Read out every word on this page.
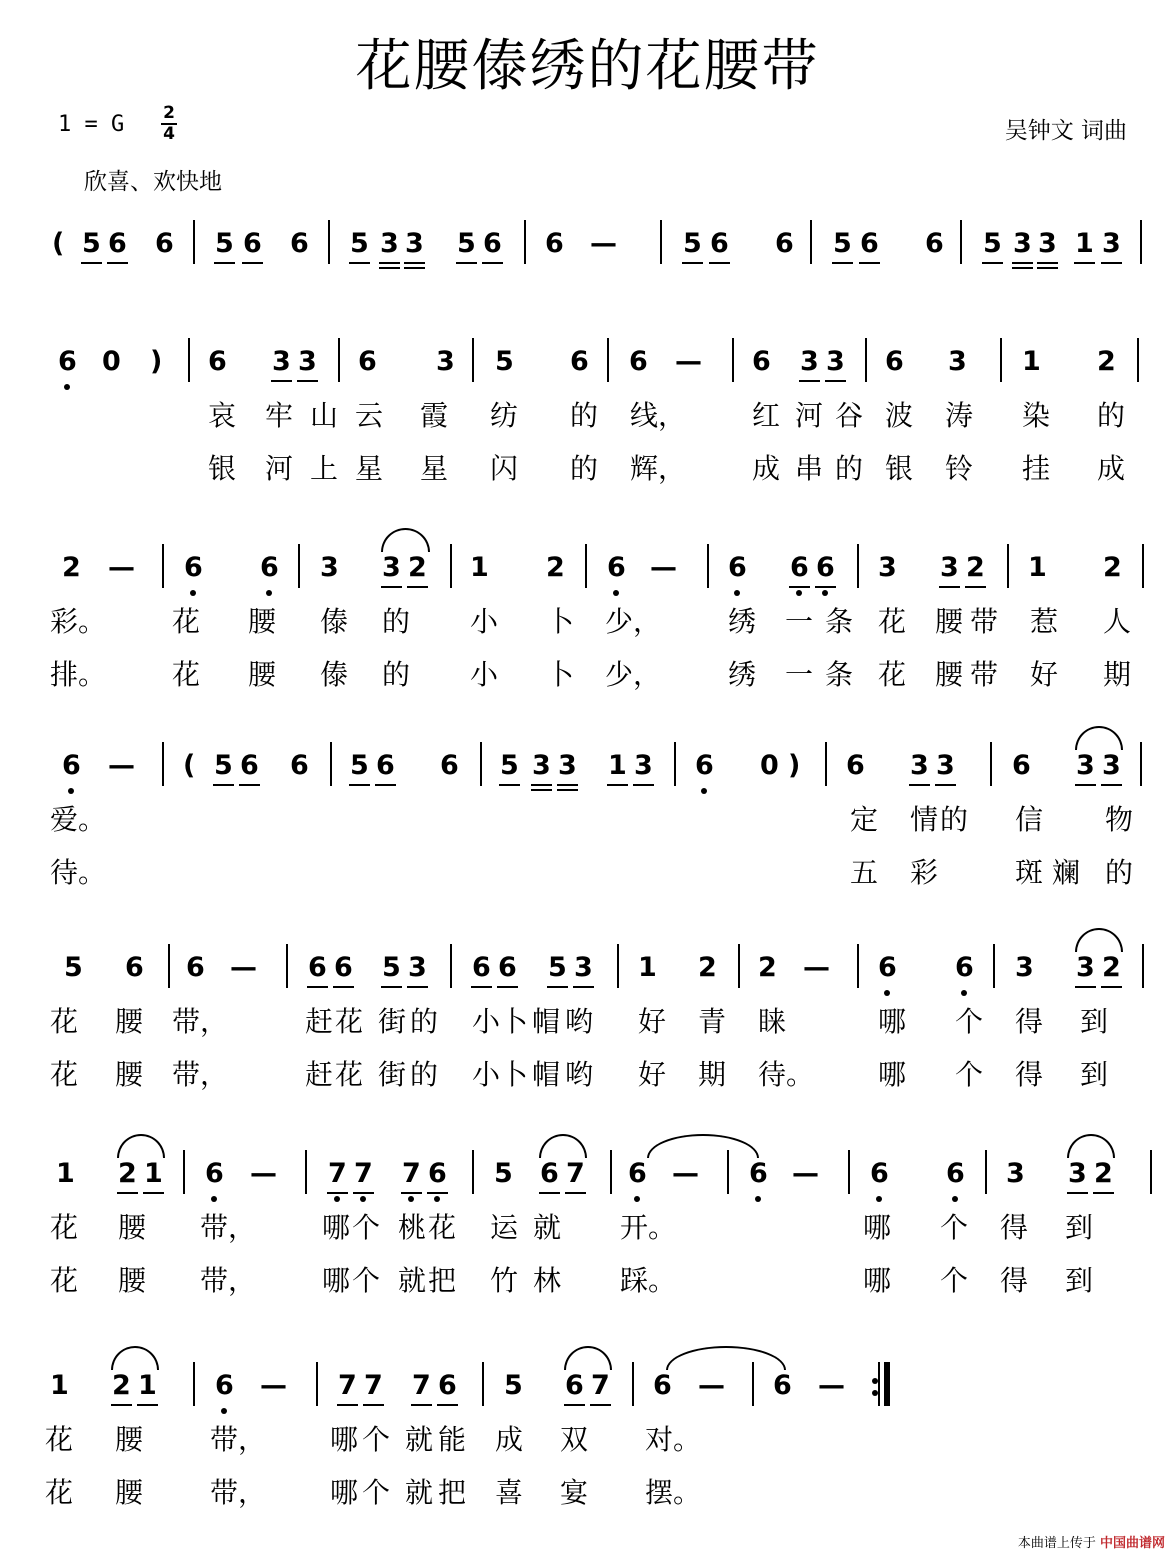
花腰傣绣的花腰带
1 = G 2
4	吴钟文 词曲
欣喜、欢快地
( 5 6 6 5 6 6 5 3 3 5 6 6 — 5 6 6 5 6 6 5 3 3 1 3
6 0 ) 6 3 3 6 3 5 6 6 — 6 3 3 6 3 1 2
哀 牢 山 云 霞 纺 的 线， 红 河 谷 波 涛 染 的
银 河 上 星 星 闪 的 辉， 成 串 的 银 铃 挂 成
2 — 6 6 3 3 2 1 2 6 — 6 6 6 3 3 2 1 2
彩。 花 腰 傣 的 小 卜 少， 绣 一 条 花 腰 带 惹 人
排。 花 腰 傣 的 小 卜 少， 绣 一 条 花 腰 带 好 期
6 — ( 5 6 6 5 6 6 5 3 3 1 3 6 0 ) 6 3 3 6 3 3
爱。	定 情 的 信 物
待。	五 彩	斑 斓 的
5 6 6 — 6 6 5 3 6 6 5 3 1 2 2 — 6 6 3 3 2
花 腰 带，	赶 花 街 的 小 卜 帽 哟 好 青 睐	哪 个 得 到
花 腰 带，	赶 花 街 的 小 卜 帽 哟 好 期 待。 哪 个 得 到
1 2 1 6 — 7 7 7 6 5 6 7 6 — 6 — 6 6 3 3 2
花 腰 带， 哪 个 桃 花 运 就 开。	哪 个 得 到
花 腰 带， 哪 个 就 把 竹 林 踩。	哪 个 得 到
1 2 1 6 — 7 7 7 6 5 6 7 6 — 6 —
花 腰 带， 哪 个 就 能 成 双 对。
花 腰 带， 哪 个 就 把 喜 宴 摆。
本曲谱上传于 中国曲谱网
